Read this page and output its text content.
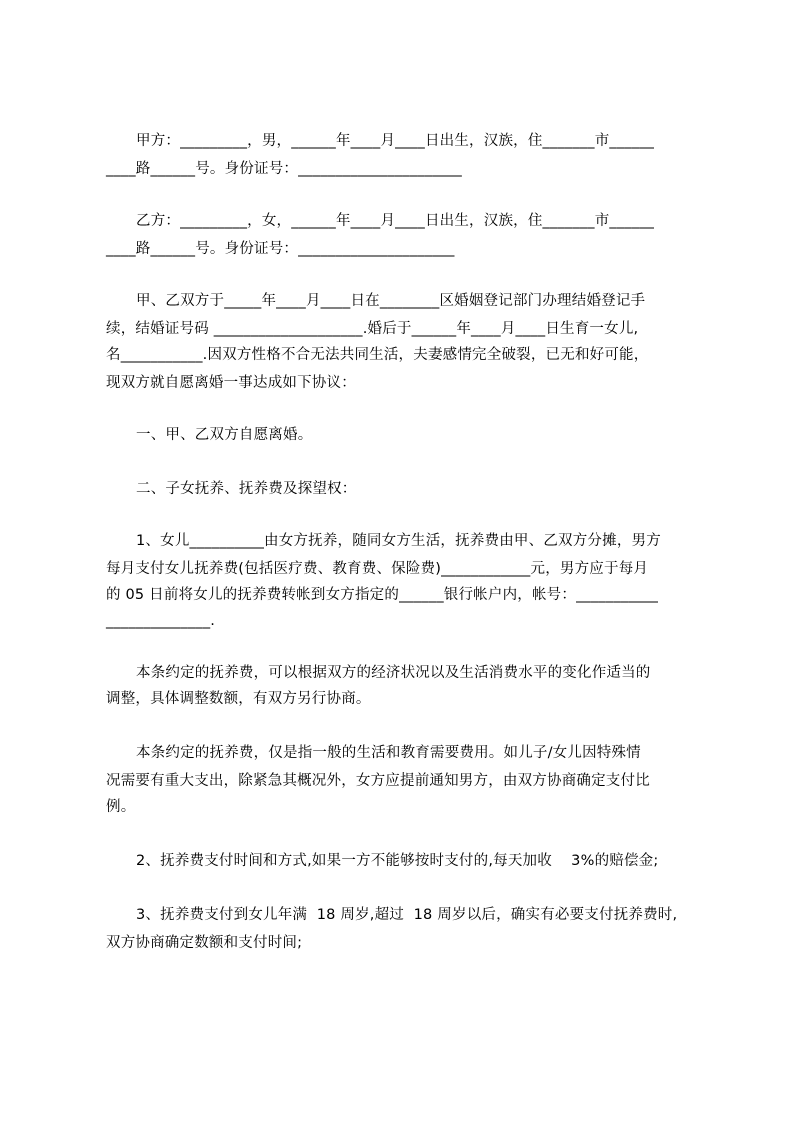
甲方：_________，男，______年____月____日出生，汉族，住_______市______
____路______号。身份证号：______________________
乙方：_________，女，______年____月____日出生，汉族，住_______市______
____路______号。身份证号：_____________________
甲、乙双方于_____年____月____日在________区婚姻登记部门办理结婚登记手
续，结婚证号码 ____________________.婚后于______年____月____日生育一女儿,
名___________.因双方性格不合无法共同生活，夫妻感情完全破裂，已无和好可能，
现双方就自愿离婚一事达成如下协议：
一、甲、乙双方自愿离婚。
二、子女抚养、抚养费及探望权：
1、女儿__________由女方抚养，随同女方生活，抚养费由甲、乙双方分摊，男方
每月支付女儿抚养费(包括医疗费、教育费、保险费)____________元，男方应于每月
的 05 日前将女儿的抚养费转帐到女方指定的______银行帐户内，帐号：___________
______________.
本条约定的抚养费，可以根据双方的经济状况以及生活消费水平的变化作适当的
调整，具体调整数额，有双方另行协商。
本条约定的抚养费，仅是指一般的生活和教育需要费用。如儿子/女儿因特殊情
况需要有重大支出，除紧急其概况外，女方应提前通知男方，由双方协商确定支付比
例。
2、抚养费支付时间和方式,如果一方不能够按时支付的,每天加收    3%的赔偿金;
3、抚养费支付到女儿年满  18 周岁,超过  18 周岁以后，确实有必要支付抚养费时,
双方协商确定数额和支付时间;
